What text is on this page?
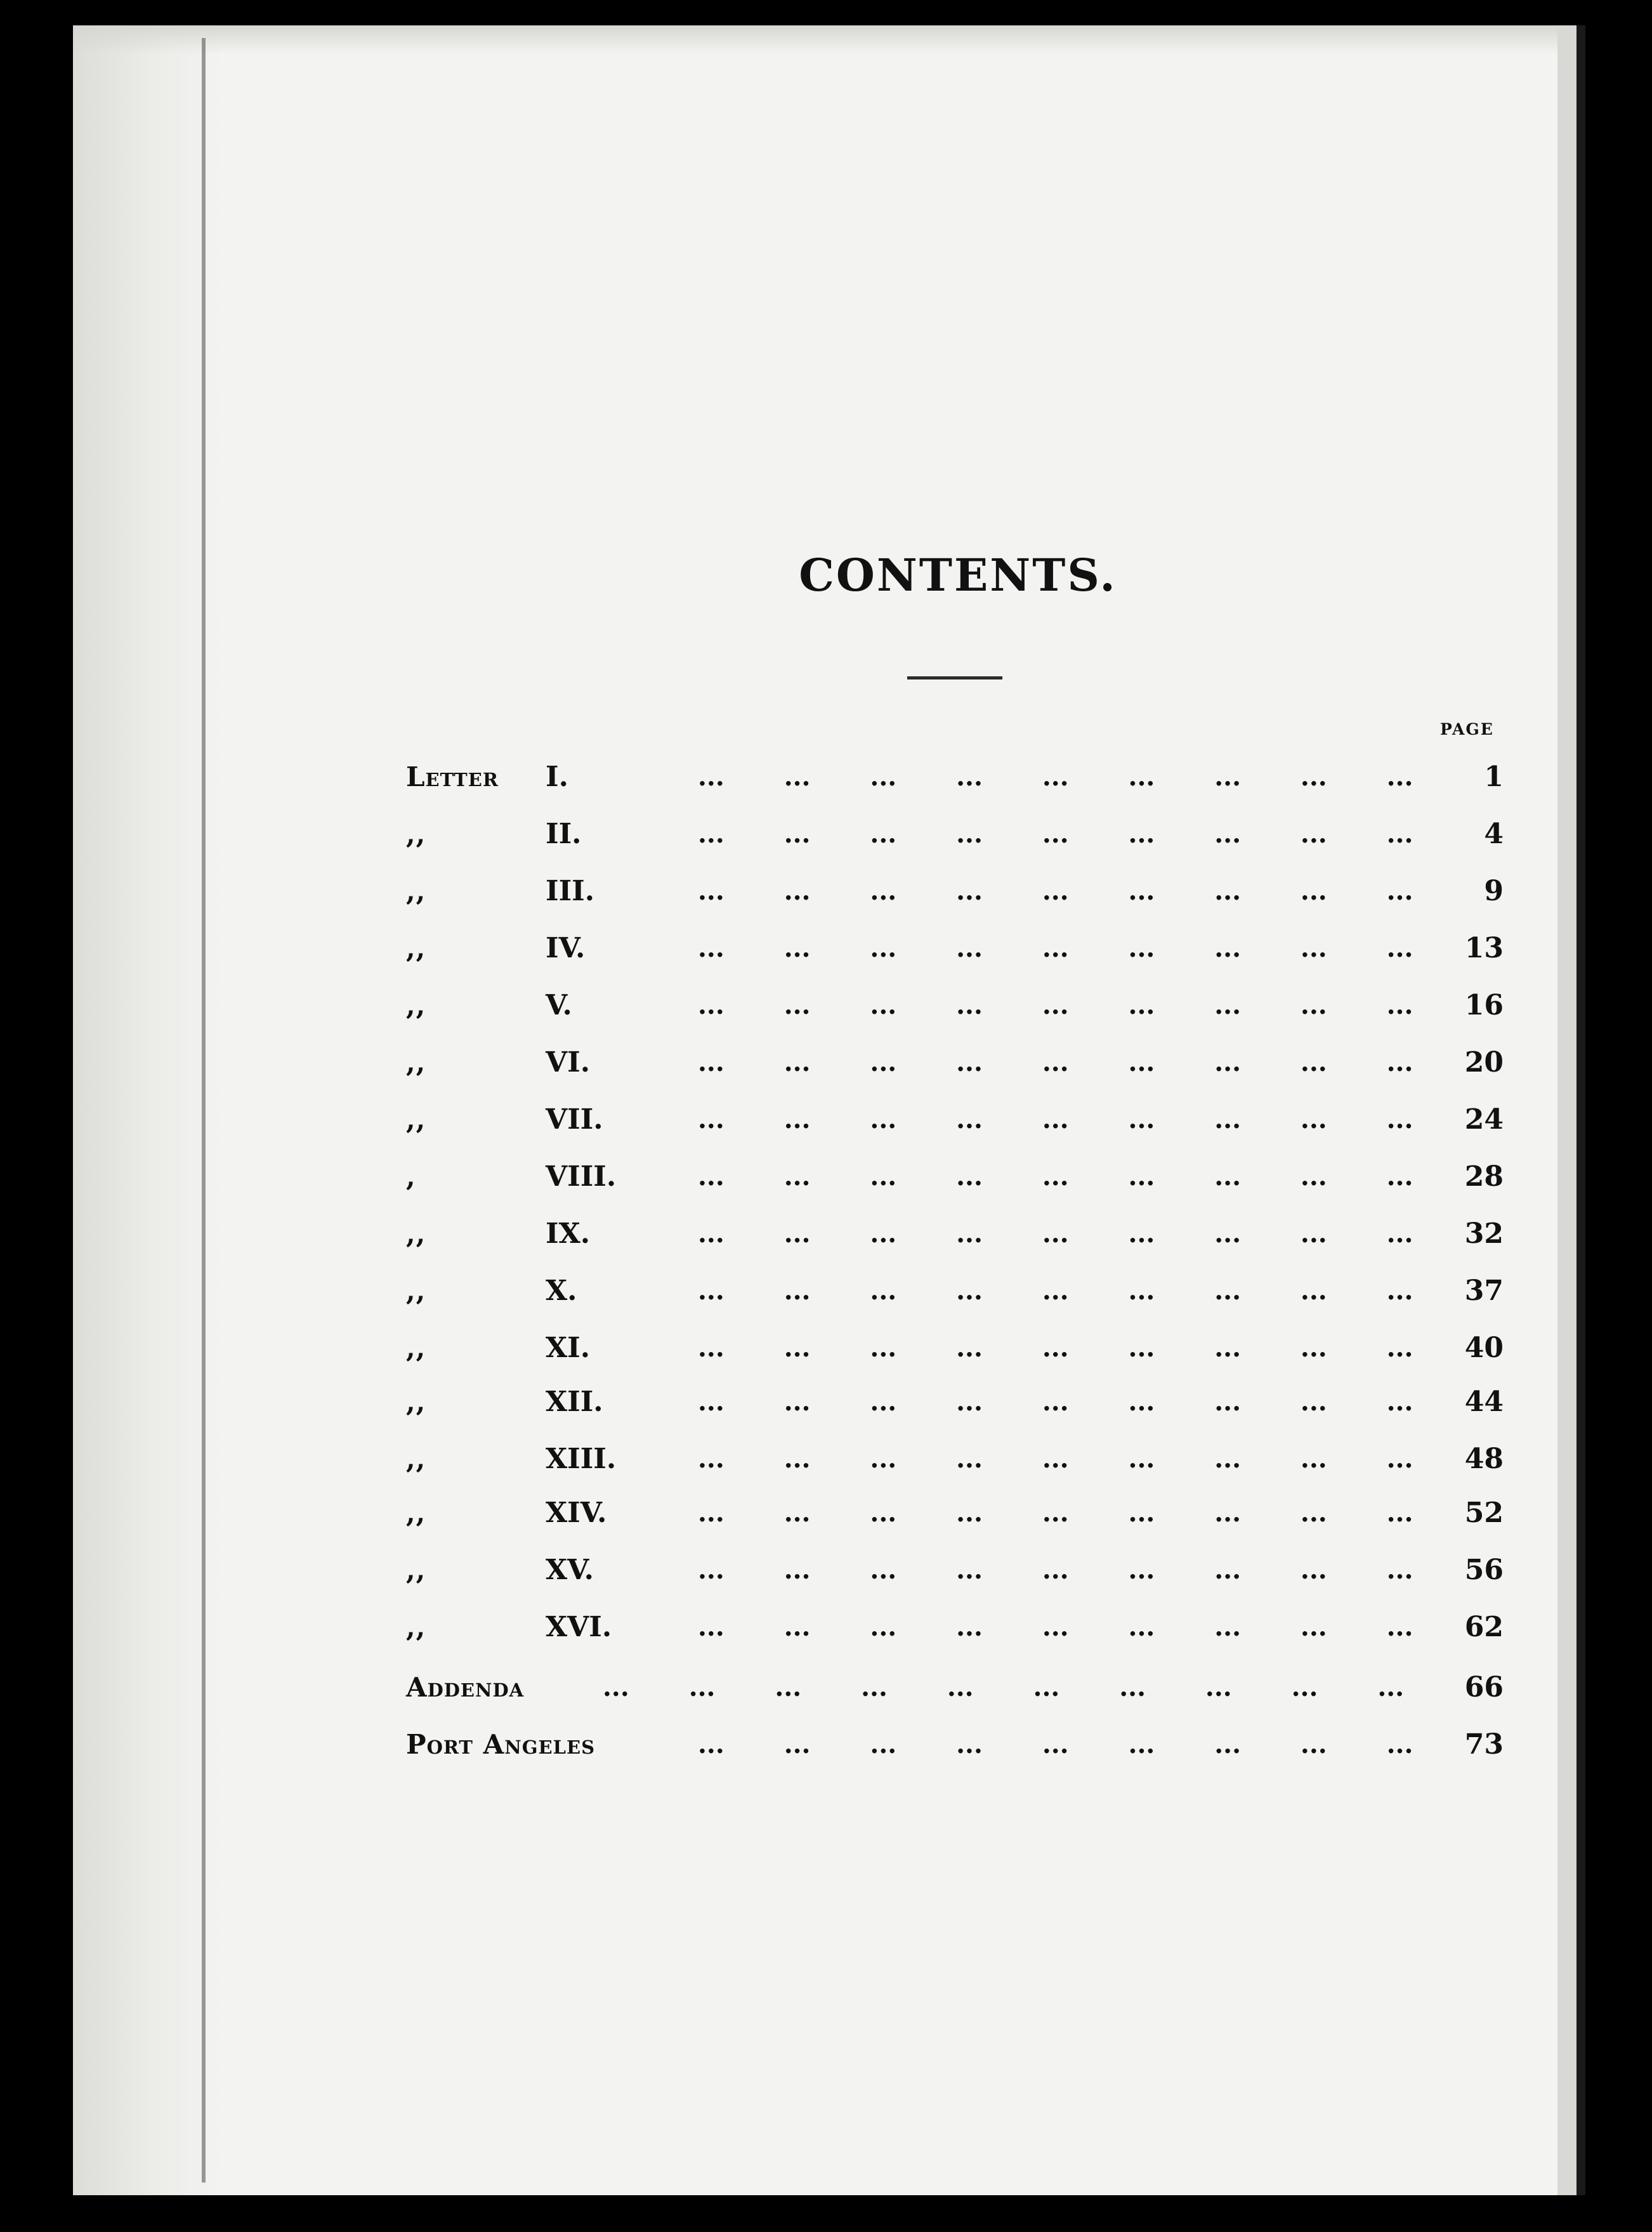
CONTENTS.
PAGE
Letter I.	... ... ... ... ... ... ... ... ...	1
,,	II.	... ... ... ... ... ... ... ... ...	4
,,	III.	... ... ... ... ... ... ... ... ...	9
,,	IV.	... ... ... ... ... ... ... ... ...	13
,,	V.	... ... ... ... ... ... ... ... ...	16
,,	VI.	... ... ... ... ... ... ... ... ...	20
,,	VII.	... ... ... ... ... ... ... ... ...	24
,	VIII.	... ... ... ... ... ... ... ... ...	28
,,	IX.	... ... ... ... ... ... ... ... ...	32
,,	X.	... ... ... ... ... ... ... ... ...	37
,,	XI.	... ... ... ... ... ... ... ... ...	40
,,	XII.	... ... ... ... ... ... ... ... ...	44
,,	XIII.	... ... ... ... ... ... ... ... ...	48
,,	XIV.	... ... ... ... ... ... ... ... ...	52
,,	XV.	... ... ... ... ... ... ... ... ...	56
,,	XVI.	... ... ... ... ... ... ... ... ...	62
Addenda	... ... ... ... ... ... ... ... ... ...	66
Port Angeles	... ... ... ... ... ... ... ... ...	73
